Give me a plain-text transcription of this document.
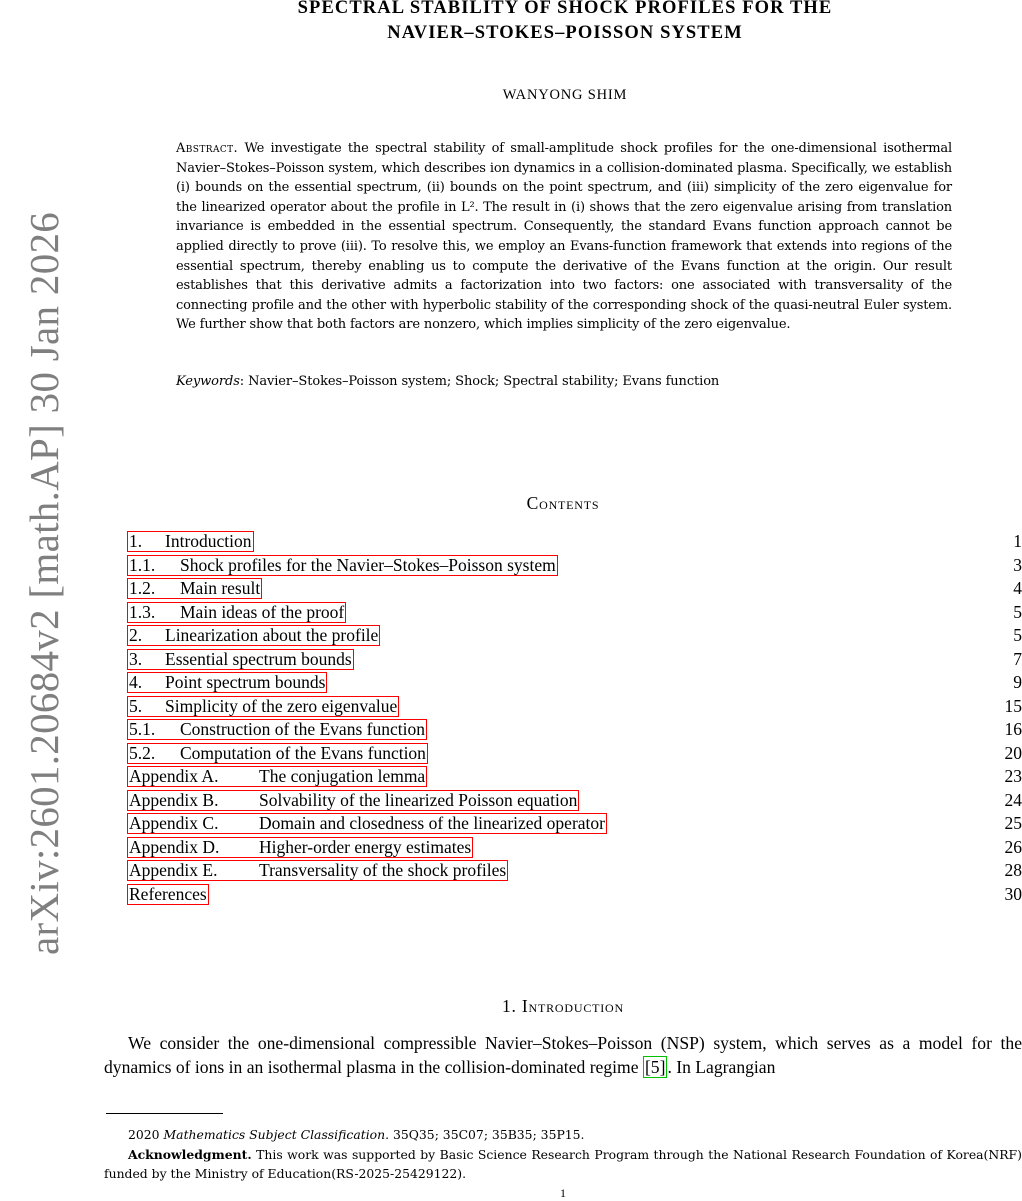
arXiv:2601.20684v2 [math.AP] 30 Jan 2026
SPECTRAL STABILITY OF SHOCK PROFILES FOR THE
NAVIER–STOKES–POISSON SYSTEM
WANYONG SHIM
Abstract. We investigate the spectral stability of small-amplitude shock profiles for the one-dimensional isothermal Navier–Stokes–Poisson system, which describes ion dynamics in a collision-dominated plasma. Specifically, we establish (i) bounds on the essential spectrum, (ii) bounds on the point spectrum, and (iii) simplicity of the zero eigenvalue for the linearized operator about the profile in L². The result in (i) shows that the zero eigenvalue arising from translation invariance is embedded in the essential spectrum. Consequently, the standard Evans function approach cannot be applied directly to prove (iii). To resolve this, we employ an Evans-function framework that extends into regions of the essential spectrum, thereby enabling us to compute the derivative of the Evans function at the origin. Our result establishes that this derivative admits a factorization into two factors: one associated with transversality of the connecting profile and the other with hyperbolic stability of the corresponding shock of the quasi-neutral Euler system. We further show that both factors are nonzero, which implies simplicity of the zero eigenvalue.
Keywords: Navier–Stokes–Poisson system; Shock; Spectral stability; Evans function
Contents
1. Introduction	1
1.1. Shock profiles for the Navier–Stokes–Poisson system	3
1.2. Main result	4
1.3. Main ideas of the proof	5
2. Linearization about the profile	5
3. Essential spectrum bounds	7
4. Point spectrum bounds	9
5. Simplicity of the zero eigenvalue	15
5.1. Construction of the Evans function	16
5.2. Computation of the Evans function	20
Appendix A. The conjugation lemma	23
Appendix B. Solvability of the linearized Poisson equation	24
Appendix C. Domain and closedness of the linearized operator	25
Appendix D. Higher-order energy estimates	26
Appendix E. Transversality of the shock profiles	28
References	30
1. Introduction
We consider the one-dimensional compressible Navier–Stokes–Poisson (NSP) system, which serves as a model for the dynamics of ions in an isothermal plasma in the collision-dominated regime [5] . In Lagrangian
2020 Mathematics Subject Classification. 35Q35; 35C07; 35B35; 35P15.
Acknowledgment. This work was supported by Basic Science Research Program through the National Research Foundation of Korea(NRF) funded by the Ministry of Education(RS-2025-25429122).
1
